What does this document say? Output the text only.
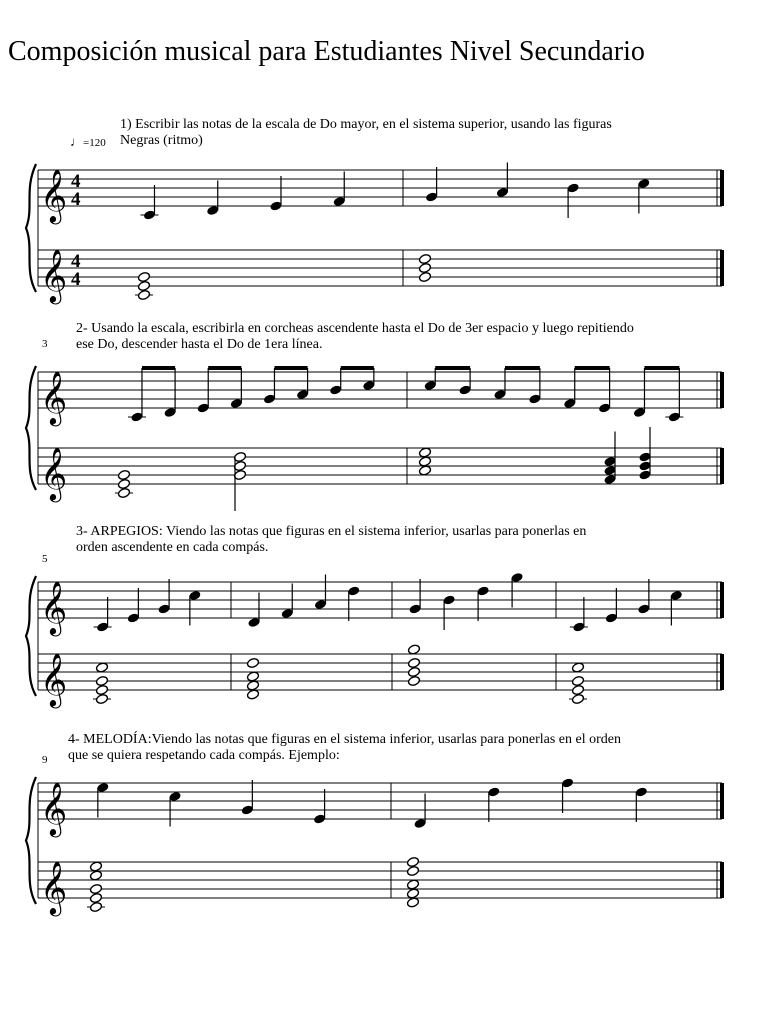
Composición musical para Estudiantes Nivel Secundario
♩=120
1) Escribir las notas de la escala de Do mayor, en el sistema superior, usando las figuras
Negras (ritmo)
3
2- Usando la escala, escribirla en corcheas ascendente hasta el Do de 3er espacio y luego repitiendo
ese Do, descender hasta el Do de 1era línea.
5
3- ARPEGIOS: Viendo las notas que figuras en el sistema inferior, usarlas para ponerlas en
orden ascendente en cada compás.
9
4- MELODÍA:Viendo las notas que figuras en el sistema inferior, usarlas para ponerlas en el orden
que se quiera respetando cada compás. Ejemplo:
𝄞
𝄞
4
4
4
4
𝄞
𝄞
𝄞
𝄞
𝄞
𝄞
